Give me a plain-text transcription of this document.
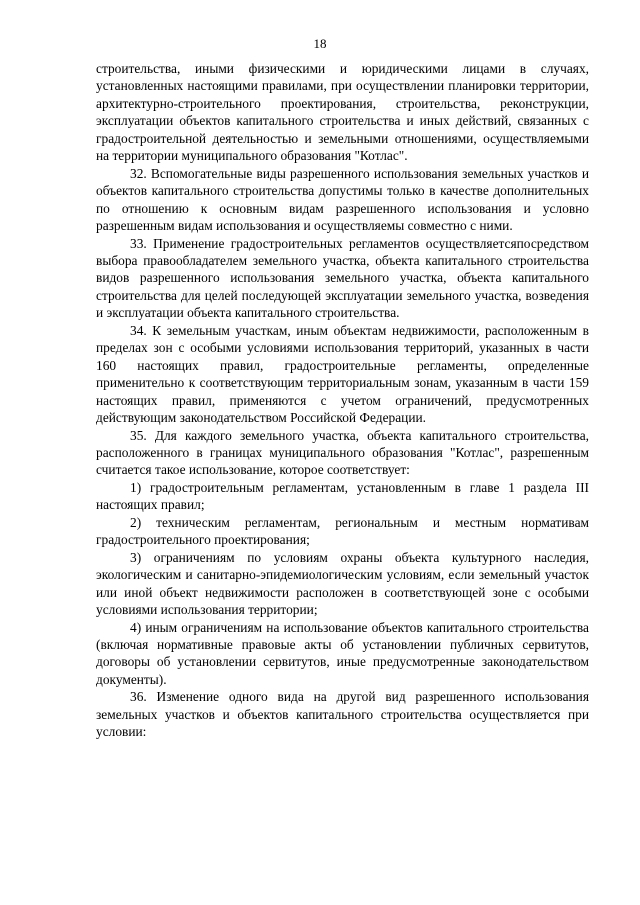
18

строительства, иными физическими и юридическими лицами в случаях, установленных настоящими правилами, при осуществлении планировки территории, архитектурно-строительного проектирования, строительства, реконструкции, эксплуатации объектов капитального строительства и иных действий, связанных с градостроительной деятельностью и земельными отношениями, осуществляемыми на территории муниципального образования "Котлас".

32. Вспомогательные виды разрешенного использования земельных участков и объектов капитального строительства допустимы только в качестве дополнительных по отношению к основным видам разрешенного использования и условно разрешенным видам использования и осуществляемы совместно с ними.

33. Применение градостроительных регламентов осуществляетсяпосредством выбора правообладателем земельного участка, объекта капитального строительства видов разрешенного использования земельного участка, объекта капитального строительства для целей последующей эксплуатации земельного участка, возведения и эксплуатации объекта капитального строительства.

34. К земельным участкам, иным объектам недвижимости, расположенным в пределах зон с особыми условиями использования территорий, указанных в части 160 настоящих правил, градостроительные регламенты, определенные применительно к соответствующим территориальным зонам, указанным в части 159 настоящих правил, применяются с учетом ограничений, предусмотренных действующим законодательством Российской Федерации.

35. Для каждого земельного участка, объекта капитального строительства, расположенного в границах муниципального образования "Котлас", разрешенным считается такое использование, которое соответствует:

1) градостроительным регламентам, установленным в главе 1 раздела III настоящих правил;

2) техническим регламентам, региональным и местным нормативам градостроительного проектирования;

3) ограничениям по условиям охраны объекта культурного наследия, экологическим и санитарно-эпидемиологическим условиям, если земельный участок или иной объект недвижимости расположен в соответствующей зоне с особыми условиями использования территории;

4) иным ограничениям на использование объектов капитального строительства (включая нормативные правовые акты об установлении публичных сервитутов, договоры об установлении сервитутов, иные предусмотренные законодательством документы).

36. Изменение одного вида на другой вид разрешенного использования земельных участков и объектов капитального строительства осуществляется при условии:
